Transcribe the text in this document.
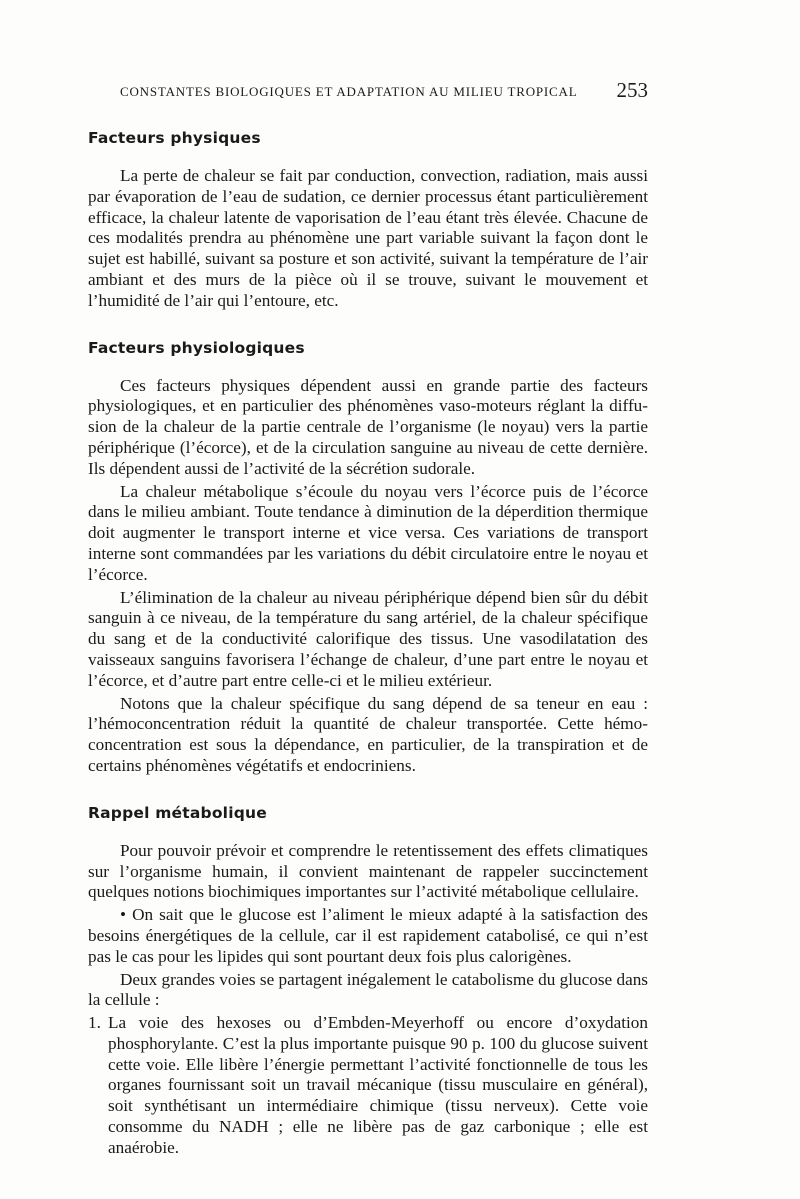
CONSTANTES BIOLOGIQUES ET ADAPTATION AU MILIEU TROPICAL 253
Facteurs physiques

La perte de chaleur se fait par conduction, convection, radiation, mais aussi par évaporation de l’eau de sudation, ce dernier processus étant particulièrement efficace, la chaleur latente de vaporisation de l’eau étant très élevée. Chacune de ces modalités prendra au phénomène une part variable suivant la façon dont le sujet est habillé, suivant sa posture et son activité, suivant la température de l’air ambiant et des murs de la pièce où il se trouve, suivant le mouvement et l’humidité de l’air qui l’entoure, etc.

Facteurs physiologiques

Ces facteurs physiques dépendent aussi en grande partie des facteurs physiologiques, et en particulier des phénomènes vaso-moteurs réglant la diffusion de la chaleur de la partie centrale de l’organisme (le noyau) vers la partie périphérique (l’écorce), et de la circulation sanguine au niveau de cette dernière. Ils dépendent aussi de l’activité de la sécrétion sudorale.

La chaleur métabolique s’écoule du noyau vers l’écorce puis de l’écorce dans le milieu ambiant. Toute tendance à diminution de la déperdition thermique doit augmenter le transport interne et vice versa. Ces variations de transport interne sont commandées par les variations du débit circulatoire entre le noyau et l’écorce.

L’élimination de la chaleur au niveau périphérique dépend bien sûr du débit sanguin à ce niveau, de la température du sang artériel, de la chaleur spécifique du sang et de la conductivité calorifique des tissus. Une vasodilatation des vaisseaux sanguins favorisera l’échange de chaleur, d’une part entre le noyau et l’écorce, et d’autre part entre celle-ci et le milieu extérieur.

Notons que la chaleur spécifique du sang dépend de sa teneur en eau : l’hémoconcentration réduit la quantité de chaleur transportée. Cette hémoconcentration est sous la dépendance, en particulier, de la transpiration et de certains phénomènes végétatifs et endocriniens.

Rappel métabolique

Pour pouvoir prévoir et comprendre le retentissement des effets climatiques sur l’organisme humain, il convient maintenant de rappeler succinctement quelques notions biochimiques importantes sur l’activité métabolique cellulaire.

• On sait que le glucose est l’aliment le mieux adapté à la satisfaction des besoins énergétiques de la cellule, car il est rapidement catabolisé, ce qui n’est pas le cas pour les lipides qui sont pourtant deux fois plus calorigènes.

Deux grandes voies se partagent inégalement le catabolisme du glucose dans la cellule :

1. La voie des hexoses ou d’Embden-Meyerhoff ou encore d’oxydation phosphorylante. C’est la plus importante puisque 90 p. 100 du glucose suivent cette voie. Elle libère l’énergie permettant l’activité fonctionnelle de tous les organes fournissant soit un travail mécanique (tissu musculaire en général), soit synthétisant un intermédiaire chimique (tissu nerveux). Cette voie consomme du NADH ; elle ne libère pas de gaz carbonique ; elle est anaérobie.
